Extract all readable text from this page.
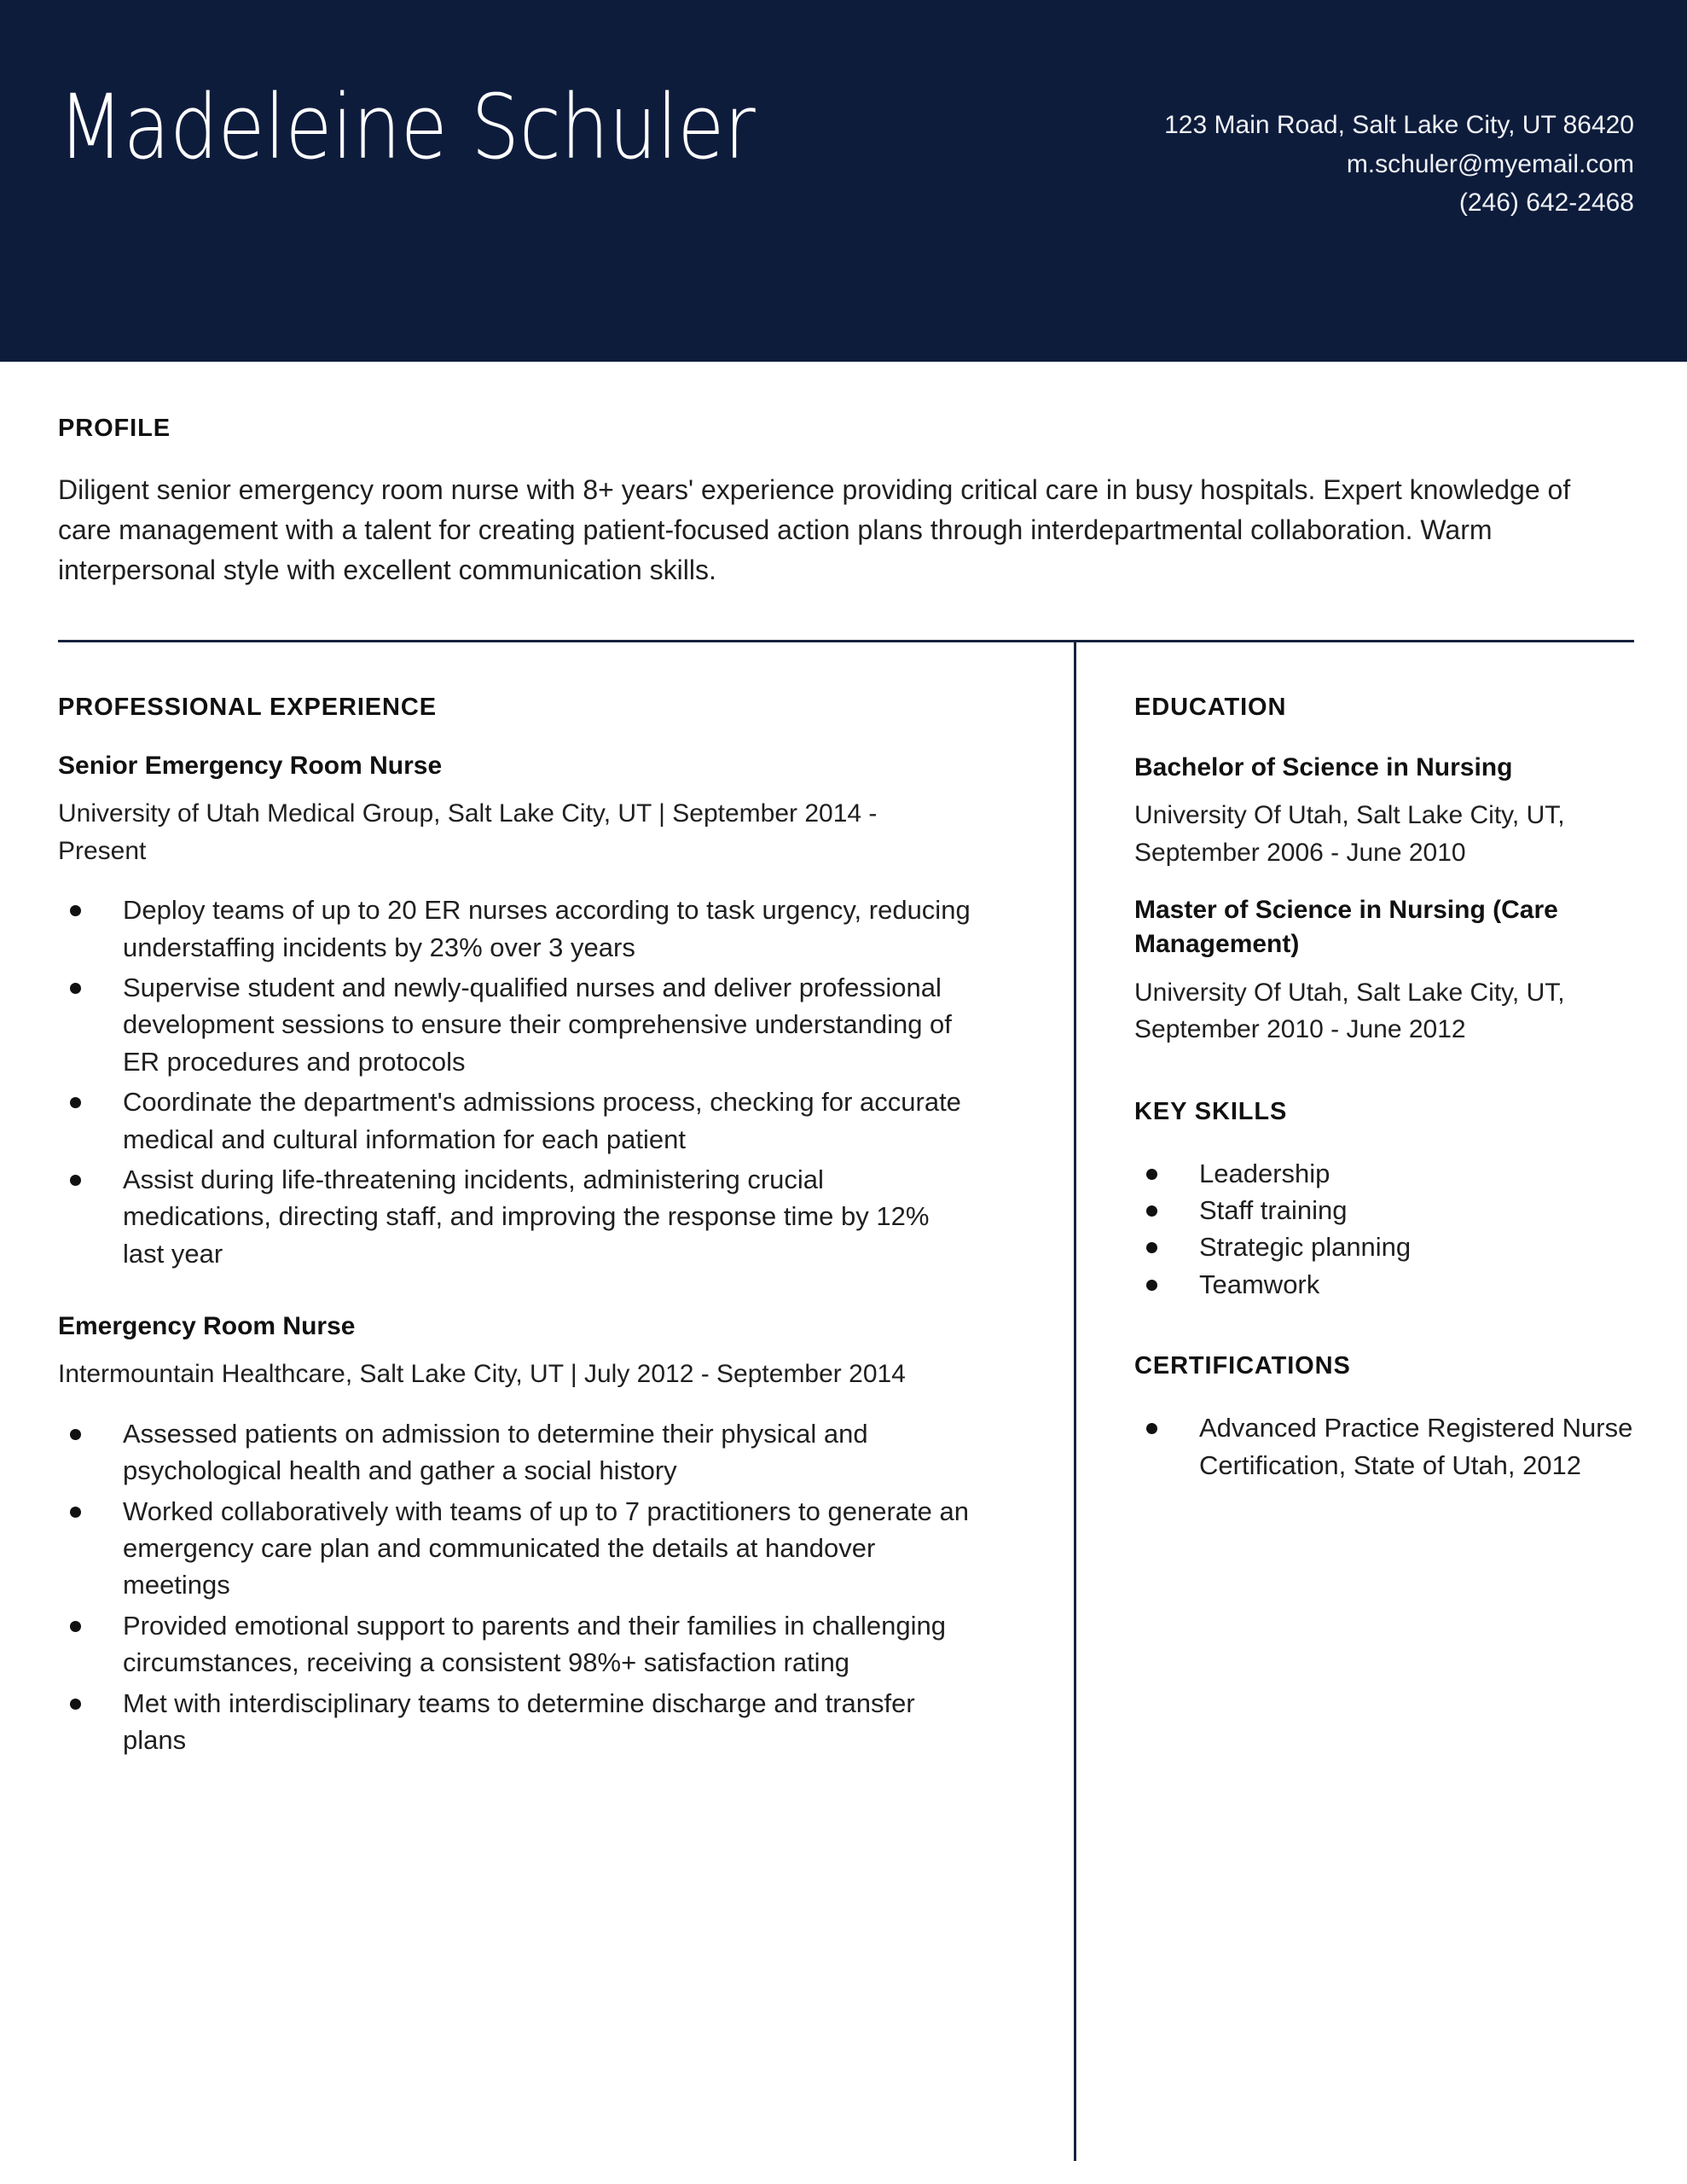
Madeleine Schuler	123 Main Road, Salt Lake City, UT 86420
m.schuler@myemail.com
(246) 642-2468
PROFILE

Diligent senior emergency room nurse with 8+ years' experience providing critical care in busy hospitals. Expert knowledge of care management with a talent for creating patient-focused action plans through interdepartmental collaboration. Warm interpersonal style with excellent communication skills.

PROFESSIONAL EXPERIENCE
Senior Emergency Room Nurse
University of Utah Medical Group, Salt Lake City, UT | September 2014 - Present
Deploy teams of up to 20 ER nurses according to task urgency, reducing understaffing incidents by 23% over 3 years
Supervise student and newly-qualified nurses and deliver professional development sessions to ensure their comprehensive understanding of ER procedures and protocols
Coordinate the department's admissions process, checking for accurate medical and cultural information for each patient
Assist during life-threatening incidents, administering crucial medications, directing staff, and improving the response time by 12% last year
Emergency Room Nurse
Intermountain Healthcare, Salt Lake City, UT | July 2012 - September 2014
Assessed patients on admission to determine their physical and psychological health and gather a social history
Worked collaboratively with teams of up to 7 practitioners to generate an emergency care plan and communicated the details at handover meetings
Provided emotional support to parents and their families in challenging circumstances, receiving a consistent 98%+ satisfaction rating
Met with interdisciplinary teams to determine discharge and transfer plans
EDUCATION
Bachelor of Science in Nursing
University Of Utah, Salt Lake City, UT, September 2006 - June 2010
Master of Science in Nursing (Care Management)
University Of Utah, Salt Lake City, UT, September 2010 - June 2012
KEY SKILLS
Leadership
Staff training
Strategic planning
Teamwork
CERTIFICATIONS
Advanced Practice Registered Nurse Certification, State of Utah, 2012
